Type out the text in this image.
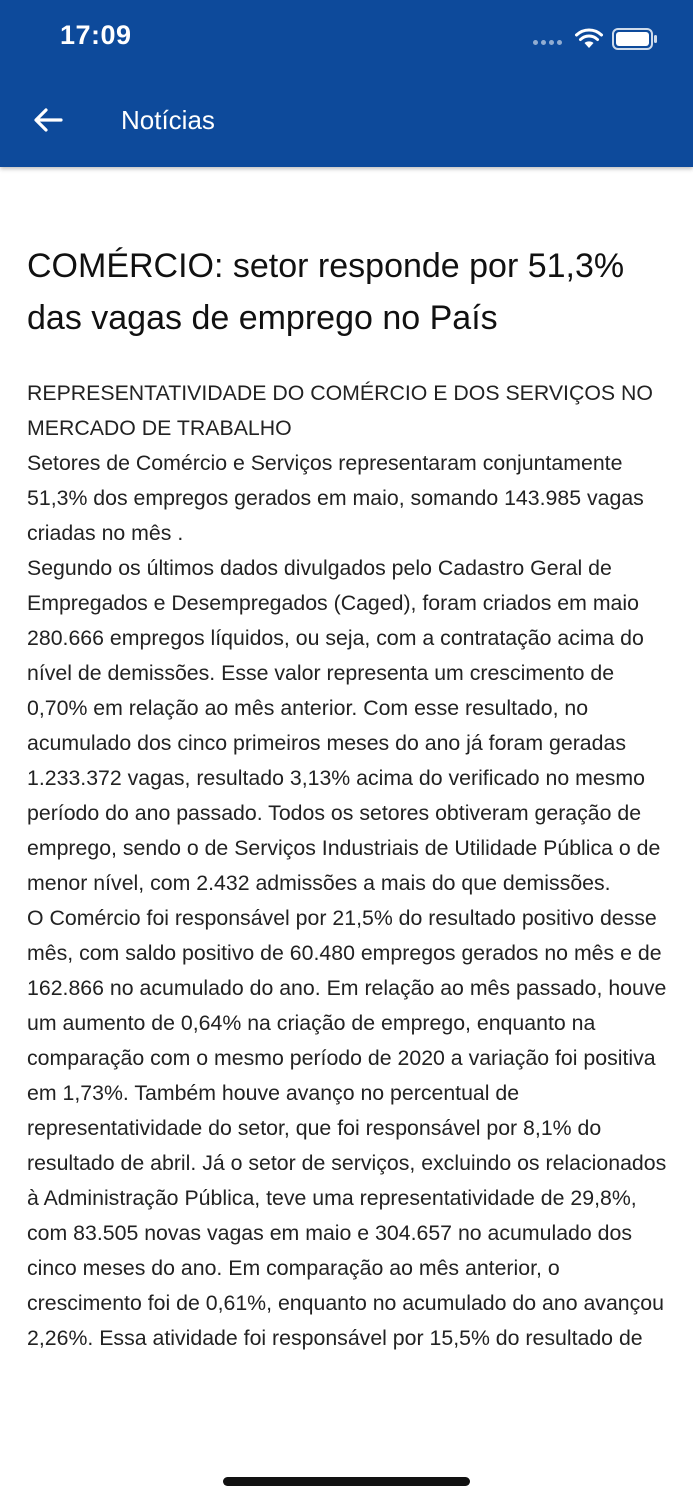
17:09
Notícias
COMÉRCIO: setor responde por 51,3% das vagas de emprego no País

REPRESENTATIVIDADE DO COMÉRCIO E DOS SERVIÇOS NO MERCADO DE TRABALHO

Setores de Comércio e Serviços representaram conjuntamente 51,3% dos empregos gerados em maio, somando 143.985 vagas criadas no mês .

Segundo os últimos dados divulgados pelo Cadastro Geral de Empregados e Desempregados (Caged), foram criados em maio 280.666 empregos líquidos, ou seja, com a contratação acima do nível de demissões. Esse valor representa um crescimento de 0,70% em relação ao mês anterior. Com esse resultado, no acumulado dos cinco primeiros meses do ano já foram geradas 1.233.372 vagas, resultado 3,13% acima do verificado no mesmo período do ano passado. Todos os setores obtiveram geração de emprego, sendo o de Serviços Industriais de Utilidade Pública o de menor nível, com 2.432 admissões a mais do que demissões.

O Comércio foi responsável por 21,5% do resultado positivo desse mês, com saldo positivo de 60.480 empregos gerados no mês e de 162.866 no acumulado do ano. Em relação ao mês passado, houve um aumento de 0,64% na criação de emprego, enquanto na comparação com o mesmo período de 2020 a variação foi positiva em 1,73%. Também houve avanço no percentual de representatividade do setor, que foi responsável por 8,1% do resultado de abril. Já o setor de serviços, excluindo os relacionados à Administração Pública, teve uma representatividade de 29,8%, com 83.505 novas vagas em maio e 304.657 no acumulado dos cinco meses do ano. Em comparação ao mês anterior, o crescimento foi de 0,61%, enquanto no acumulado do ano avançou 2,26%. Essa atividade foi responsável por 15,5% do resultado de
